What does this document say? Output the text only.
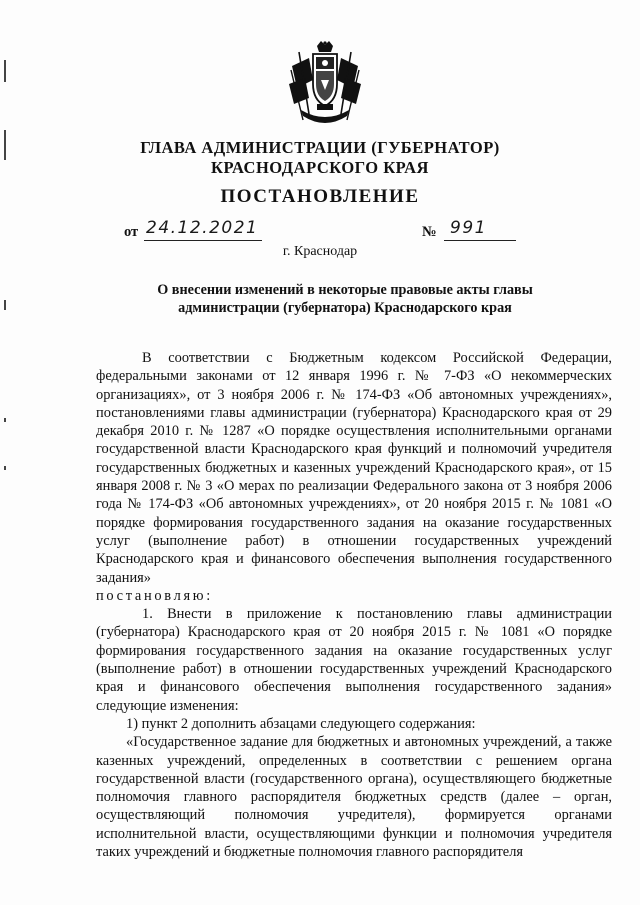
ГЛАВА АДМИНИСТРАЦИИ (ГУБЕРНАТОР)
КРАСНОДАРСКОГО КРАЯ
ПОСТАНОВЛЕНИЕ
от 24.12.2021	№ 991
г. Краснодар
О внесении изменений в некоторые правовые акты главы
администрации (губернатора) Краснодарского края

В соответствии с Бюджетным кодексом Российской Федерации, федеральными законами от 12 января 1996 г. № 7-ФЗ «О некоммерческих организациях», от 3 ноября 2006 г. № 174-ФЗ «Об автономных учреждениях», постановлениями главы администрации (губернатора) Краснодарского края от 29 декабря 2010 г. № 1287 «О порядке осуществления исполнительными органами государственной власти Краснодарского края функций и полномочий учредителя государственных бюджетных и казенных учреждений Краснодарского края», от 15 января 2008 г. № 3 «О мерах по реализации Федерального закона от 3 ноября 2006 года № 174-ФЗ «Об автономных учреждениях», от 20 ноября 2015 г. № 1081 «О порядке формирования государственного задания на оказание государственных услуг (выполнение работ) в отношении государственных учреждений Краснодарского края и финансового обеспечения выполнения государственного задания»

постановляю:

1. Внести в приложение к постановлению главы администрации (губернатора) Краснодарского края от 20 ноября 2015 г. № 1081 «О порядке формирования государственного задания на оказание государственных услуг (выполнение работ) в отношении государственных учреждений Краснодарского края и финансового обеспечения выполнения государственного задания» следующие изменения:

1) пункт 2 дополнить абзацами следующего содержания:

«Государственное задание для бюджетных и автономных учреждений, а также казенных учреждений, определенных в соответствии с решением органа государственной власти (государственного органа), осуществляющего бюджетные полномочия главного распорядителя бюджетных средств (далее – орган, осуществляющий полномочия учредителя), формируется органами исполнительной власти, осуществляющими функции и полномочия учредителя таких учреждений и бюджетные полномочия главного распорядителя
